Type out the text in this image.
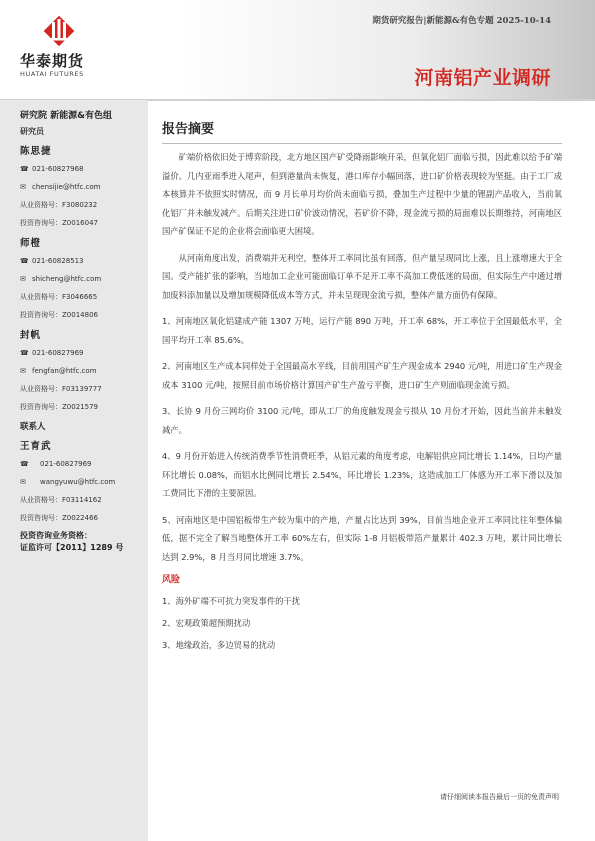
华泰期货
HUATAI FUTURES
期货研究报告|新能源&有色专题 2025-10-14
河南铝产业调研
研究院 新能源&有色组
研究员
陈思捷
☎ 021-60827968
✉ chensijie@htfc.com
从业资格号： F3080232
投资咨询号： Z0016047
师橙
☎ 021-60828513
✉ shicheng@htfc.com
从业资格号： F3046665
投资咨询号： Z0014806
封帆
☎ 021-60827969
✉ fengfan@htfc.com
从业资格号： F03139777
投资咨询号： Z0021579
联系人
王育武
☎	021-60827969
✉	wangyuwu@htfc.com
从业资格号： F03114162
投资咨询号： Z0022466
投资咨询业务资格：
证监许可【2011】1289 号
报告摘要

矿端价格依旧处于博弈阶段，北方地区国产矿受降雨影响开采，但氧化铝厂面临亏损，因此难以给予矿端溢价。几内亚雨季进入尾声，但到港量尚未恢复，港口库存小幅回落，进口矿价格表现较为坚挺。由于工厂成本核算并不依照实时情况，而 9 月长单月均价尚未面临亏损，叠加生产过程中少量的锂副产品收入，当前氧化铝厂并未触发减产。后期关注进口矿价波动情况，若矿价不降，现金流亏损的局面难以长期维持，河南地区国产矿保证不足的企业将会面临更大困境。

从河南角度出发，消费端并无利空，整体开工率同比虽有回落，但产量呈现同比上涨，且上涨增速大于全国。受产能扩张的影响，当地加工企业可能面临订单不足开工率不高加工费低迷的局面，但实际生产中通过增加废料添加量以及增加规模降低成本等方式，并未呈现现金流亏损，整体产量方面仍有保障。

1、河南地区氧化铝建成产能 1307 万吨，运行产能 890 万吨，开工率 68%，开工率位于全国最低水平，全国平均开工率 85.6%。

2、河南地区生产成本同样处于全国最高水平线，目前用国产矿生产现金成本 2940 元/吨，用进口矿生产现金成本 3100 元/吨，按照目前市场价格计算国产矿生产盈亏平衡，进口矿生产则面临现金流亏损。

3、长协 9 月份三网均价 3100 元/吨，即从工厂的角度触发现金亏损从 10 月份才开始，因此当前并未触发减产。

4、9 月份开始进入传统消费季节性消费旺季，从铝元素的角度考虑，电解铝供应同比增长 1.14%，日均产量环比增长 0.08%，而铝水比例同比增长 2.54%，环比增长 1.23%，这造成加工厂体感为开工率下滑以及加工费同比下滑的主要原因。

5、河南地区是中国铝板带生产较为集中的产地，产量占比达到 39%，目前当地企业开工率同比往年整体偏低，据不完全了解当地整体开工率 60%左右，但实际 1-8 月铝板带箔产量累计 402.3 万吨，累计同比增长达到 2.9%，8 月当月同比增速 3.7%。

风险
1、海外矿端不可抗力突发事件的干扰
2、宏观政策超预期扰动
3、地缘政治，多边贸易的扰动
请仔细阅读本报告最后一页的免责声明
